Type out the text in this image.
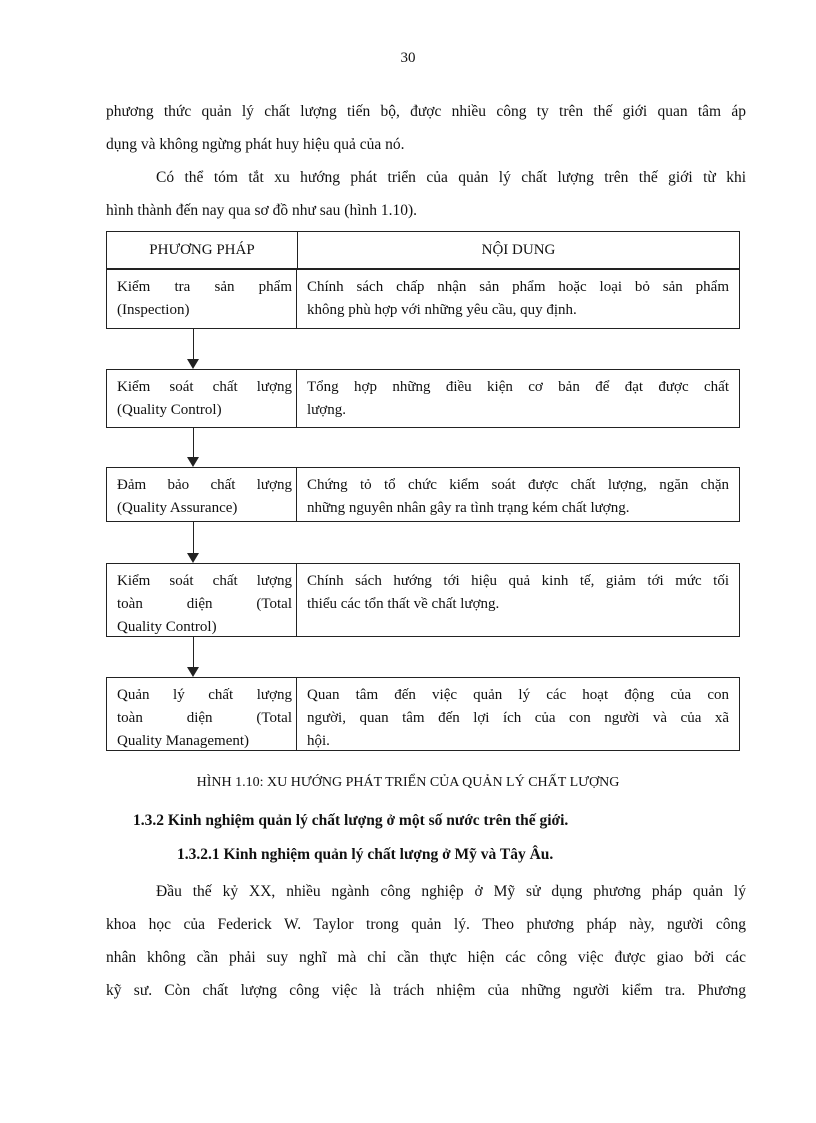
30
phương thức quản lý chất lượng tiến bộ, được nhiều công ty trên thế giới quan tâm áp
dụng và không ngừng phát huy hiệu quả của nó.
Có thể tóm tắt xu hướng phát triển của quản lý chất lượng trên thế giới từ khi
hình thành đến nay qua sơ đồ như sau (hình 1.10).
PHƯƠNG PHÁP	NỘI DUNG
Kiểm tra sản phẩm
(Inspection)
Chính sách chấp nhận sản phẩm hoặc loại bỏ sản phẩm
không phù hợp với những yêu cầu, quy định.
Kiểm soát chất lượng
(Quality Control)
Tổng hợp những điều kiện cơ bản để đạt được chất
lượng.
Đảm bảo chất lượng
(Quality Assurance)
Chứng tỏ tổ chức kiểm soát được chất lượng, ngăn chặn
những nguyên nhân gây ra tình trạng kém chất lượng.
Kiểm soát chất lượng
toàn diện (Total
Quality Control)
Chính sách hướng tới hiệu quả kinh tế, giảm tới mức tối
thiểu các tổn thất về chất lượng.
Quản lý chất lượng
toàn diện (Total
Quality Management)
Quan tâm đến việc quản lý các hoạt động của con
người, quan tâm đến lợi ích của con người và của xã
hội.
HÌNH 1.10: XU HƯỚNG PHÁT TRIỂN CỦA QUẢN LÝ CHẤT LƯỢNG
1.3.2 Kinh nghiệm quản lý chất lượng ở một số nước trên thế giới.
1.3.2.1 Kinh nghiệm quản lý chất lượng ở Mỹ và Tây Âu.
Đầu thế kỷ XX, nhiều ngành công nghiệp ở Mỹ sử dụng phương pháp quản lý
khoa học của Federick W. Taylor trong quản lý. Theo phương pháp này, người công
nhân không cần phải suy nghĩ mà chỉ cần thực hiện các công việc được giao bởi các
kỹ sư. Còn chất lượng công việc là trách nhiệm của những người kiểm tra. Phương
